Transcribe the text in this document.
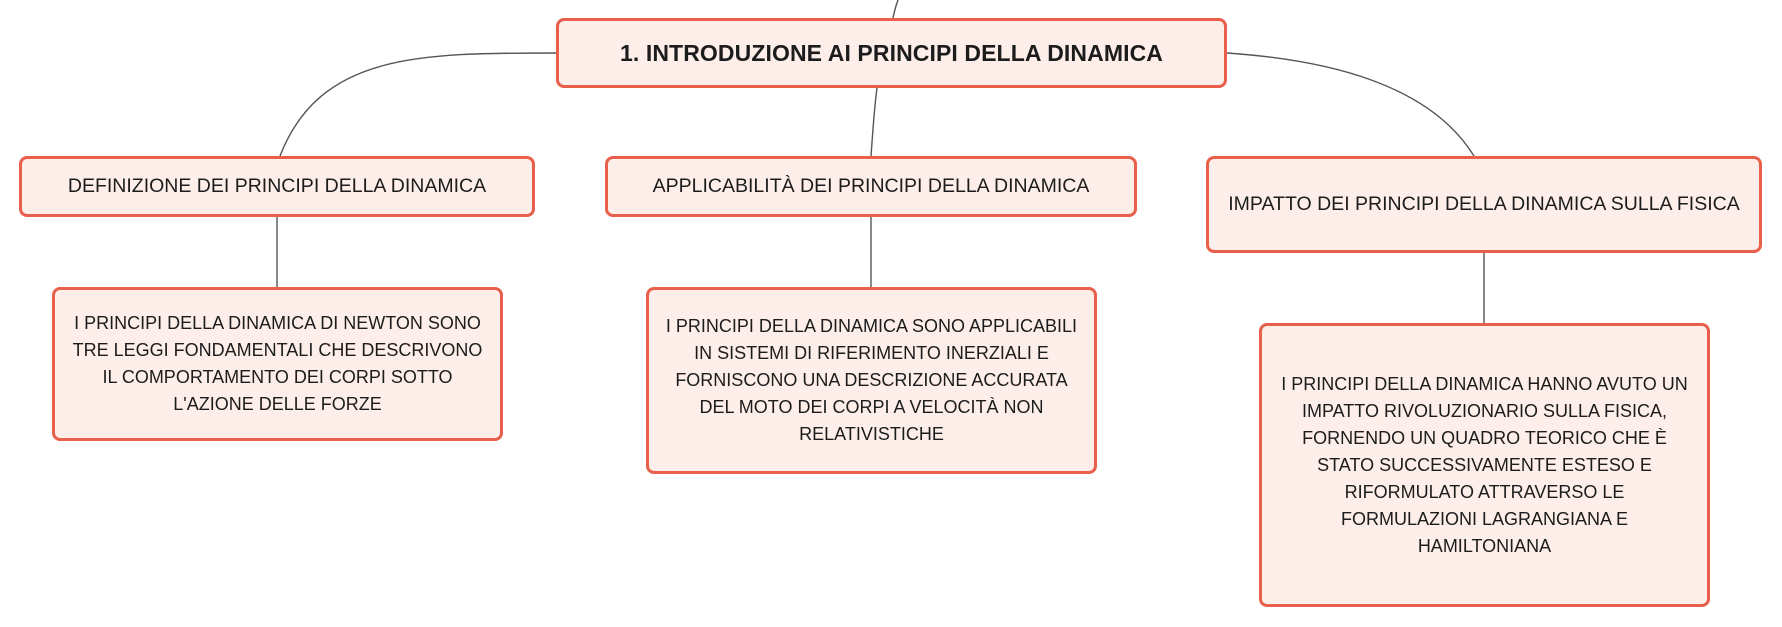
1. INTRODUZIONE AI PRINCIPI DELLA DINAMICA
DEFINIZIONE DEI PRINCIPI DELLA DINAMICA	APPLICABILITÀ DEI PRINCIPI DELLA DINAMICA
IMPATTO DEI PRINCIPI DELLA DINAMICA SULLA FISICA
I PRINCIPI DELLA DINAMICA DI NEWTON SONO TRE LEGGI FONDAMENTALI CHE DESCRIVONO IL COMPORTAMENTO DEI CORPI SOTTO L'AZIONE DELLE FORZE
I PRINCIPI DELLA DINAMICA SONO APPLICABILI IN SISTEMI DI RIFERIMENTO INERZIALI E FORNISCONO UNA DESCRIZIONE ACCURATA DEL MOTO DEI CORPI A VELOCITÀ NON RELATIVISTICHE
I PRINCIPI DELLA DINAMICA HANNO AVUTO UN IMPATTO RIVOLUZIONARIO SULLA FISICA, FORNENDO UN QUADRO TEORICO CHE È STATO SUCCESSIVAMENTE ESTESO E RIFORMULATO ATTRAVERSO LE FORMULAZIONI LAGRANGIANA E HAMILTONIANA
